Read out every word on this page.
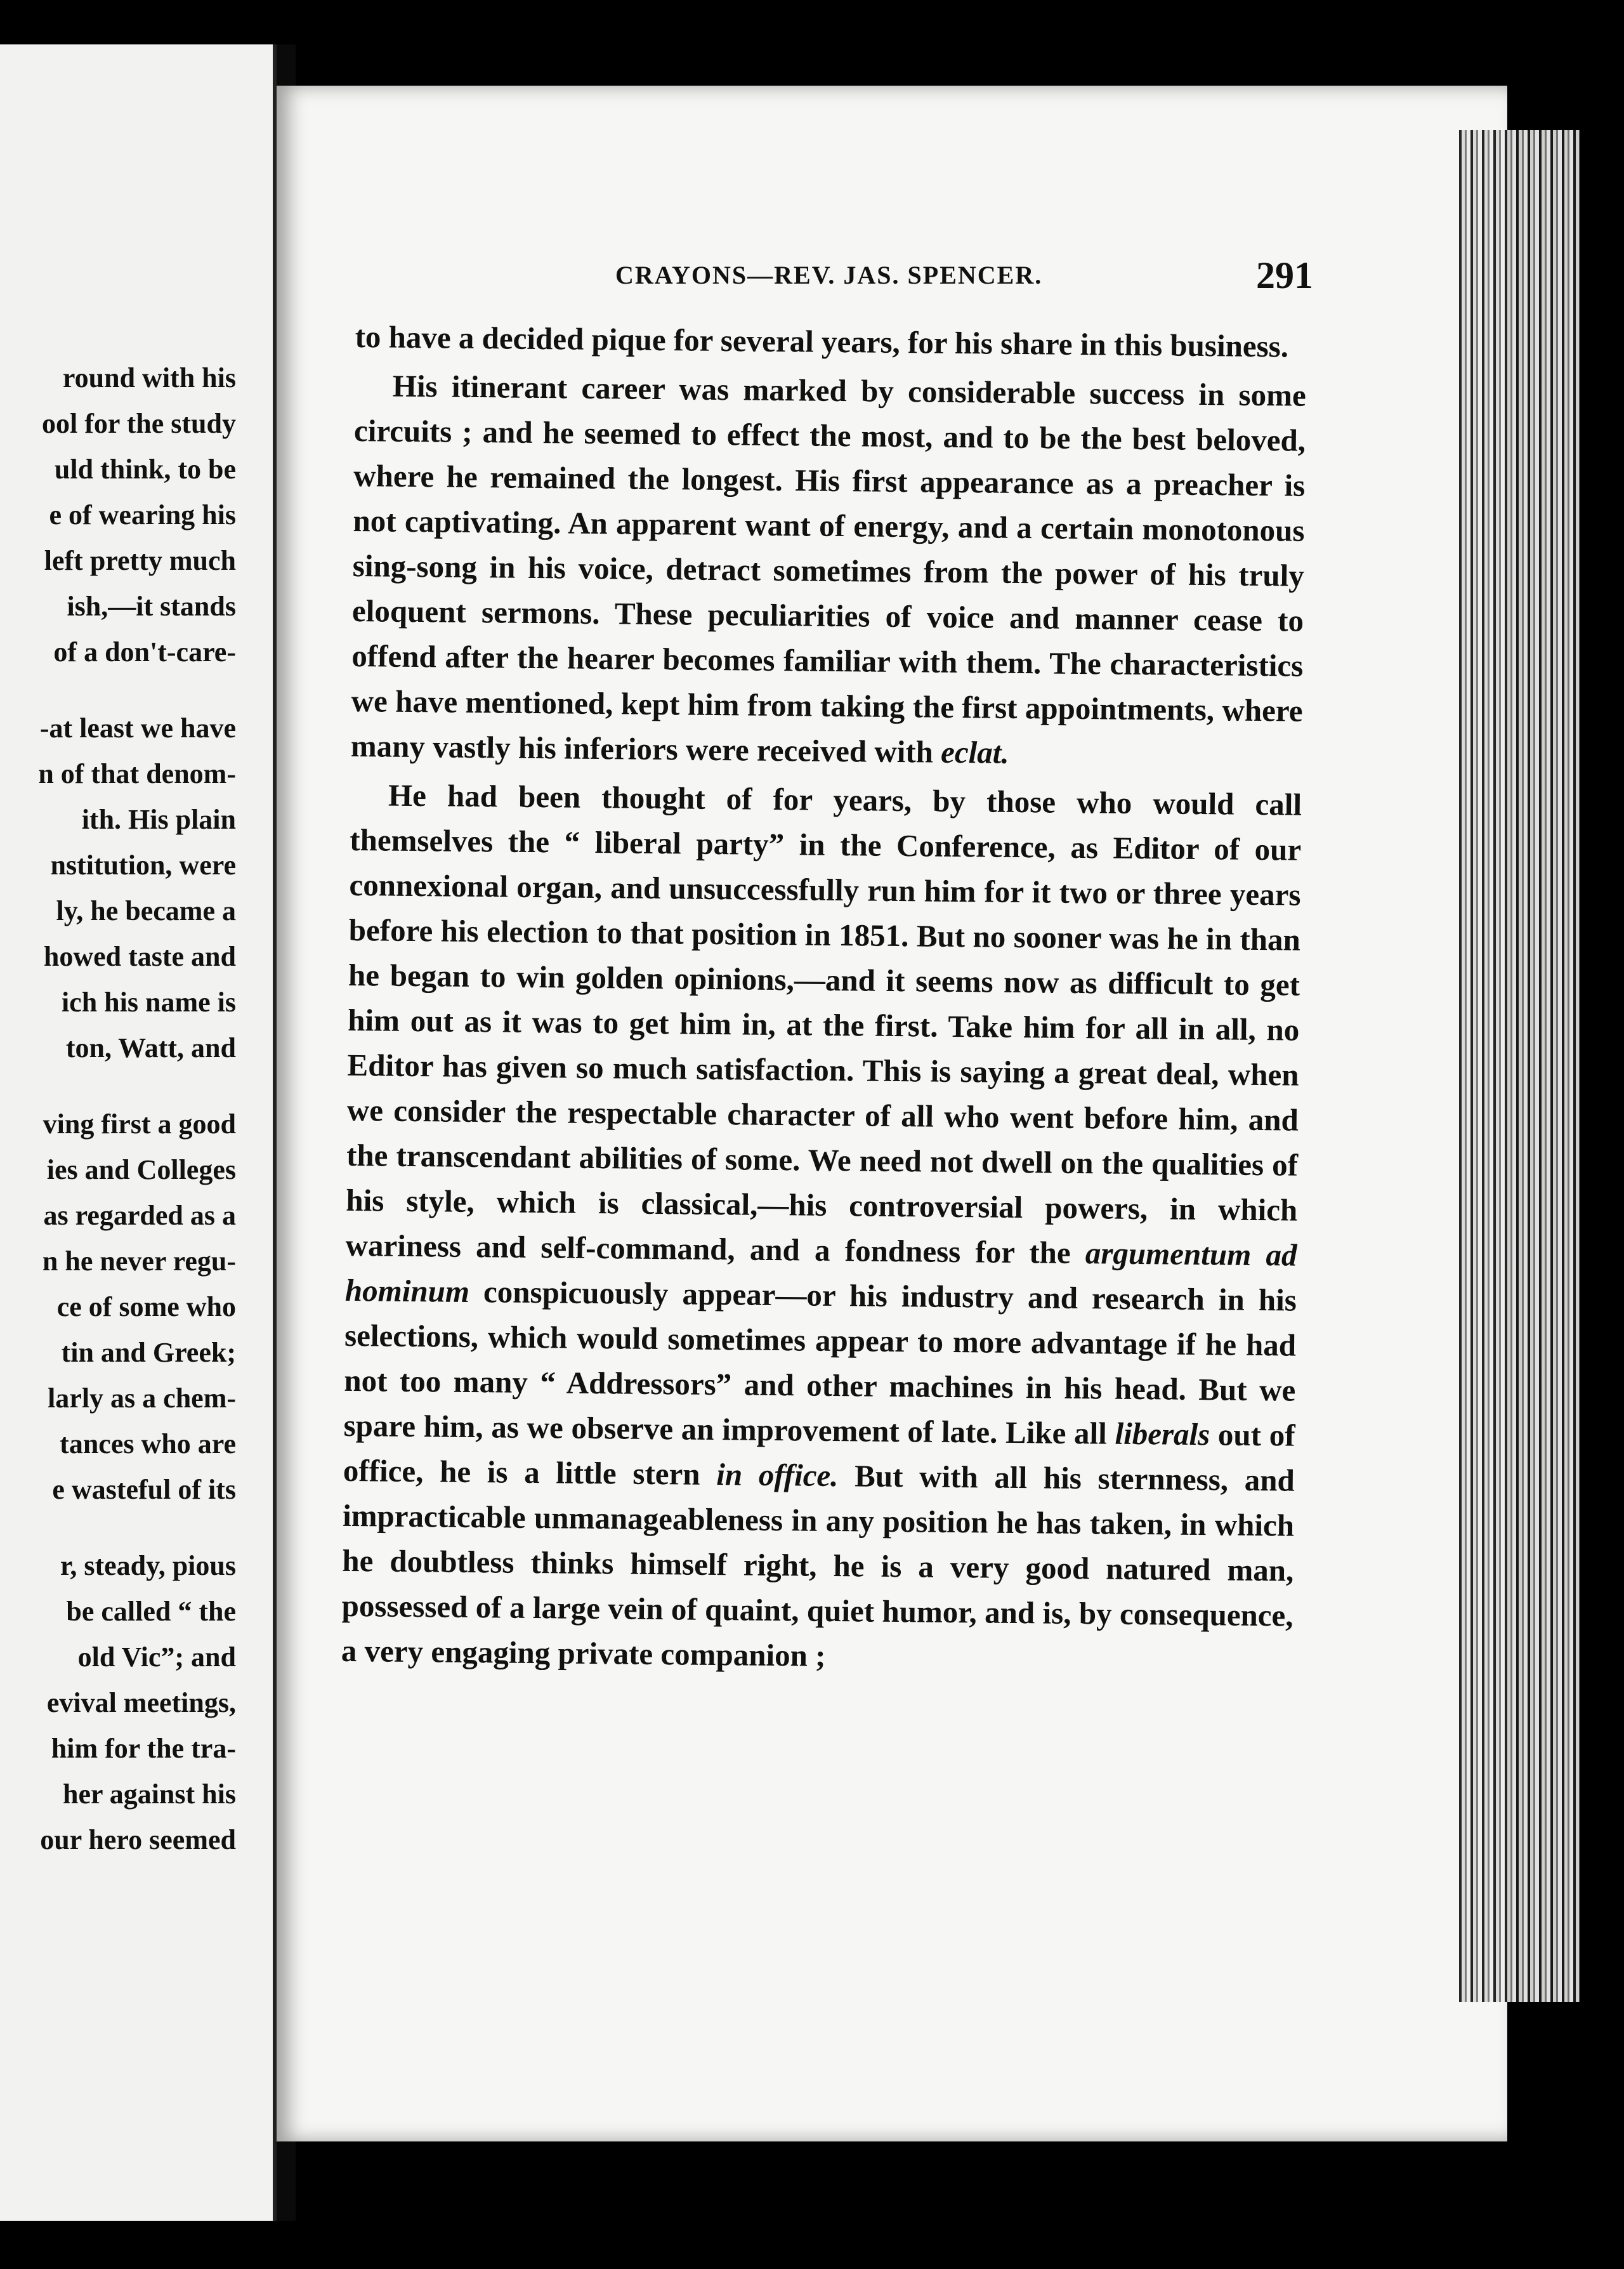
round with his
ool for the study
uld think, to be
e of wearing his
left pretty much
ish,—it stands
of a don't-care-
-at least we have
n of that denom-
ith. His plain
nstitution, were
ly, he became a
howed taste and
ich his name is
ton, Watt, and
ving first a good
ies and Colleges
as regarded as a
n he never regu-
ce of some who
tin and Greek;
larly as a chem-
tances who are
e wasteful of its
r, steady, pious
be called “ the
old Vic”; and
evival meetings,
him for the tra-
her against his
our hero seemed
CRAYONS—REV. JAS. SPENCER.	291

to have a decided pique for several years, for his share in this business.

His itinerant career was marked by considerable success in some circuits ; and he seemed to effect the most, and to be the best beloved, where he remained the longest. His first appearance as a preacher is not captivating. An apparent want of energy, and a certain monotonous sing-song in his voice, detract sometimes from the power of his truly eloquent sermons. These peculiarities of voice and manner cease to offend after the hearer becomes familiar with them. The characteristics we have mentioned, kept him from taking the first appointments, where many vastly his inferiors were received with eclat.

He had been thought of for years, by those who would call themselves the “ liberal party” in the Conference, as Editor of our connexional organ, and unsuccessfully run him for it two or three years before his election to that position in 1851. But no sooner was he in than he began to win golden opinions,—and it seems now as difficult to get him out as it was to get him in, at the first. Take him for all in all, no Editor has given so much satisfaction. This is saying a great deal, when we consider the respectable character of all who went before him, and the transcendant abilities of some. We need not dwell on the qualities of his style, which is classical,—his controversial powers, in which wariness and self-command, and a fondness for the argumentum ad hominum conspicuously appear—or his industry and research in his selections, which would sometimes appear to more advantage if he had not too many “ Addressors” and other machines in his head. But we spare him, as we observe an improvement of late. Like all liberals out of office, he is a little stern in office. But with all his sternness, and impracticable unmanageableness in any position he has taken, in which he doubtless thinks himself right, he is a very good natured man, possessed of a large vein of quaint, quiet humor, and is, by consequence, a very engaging private companion ;
